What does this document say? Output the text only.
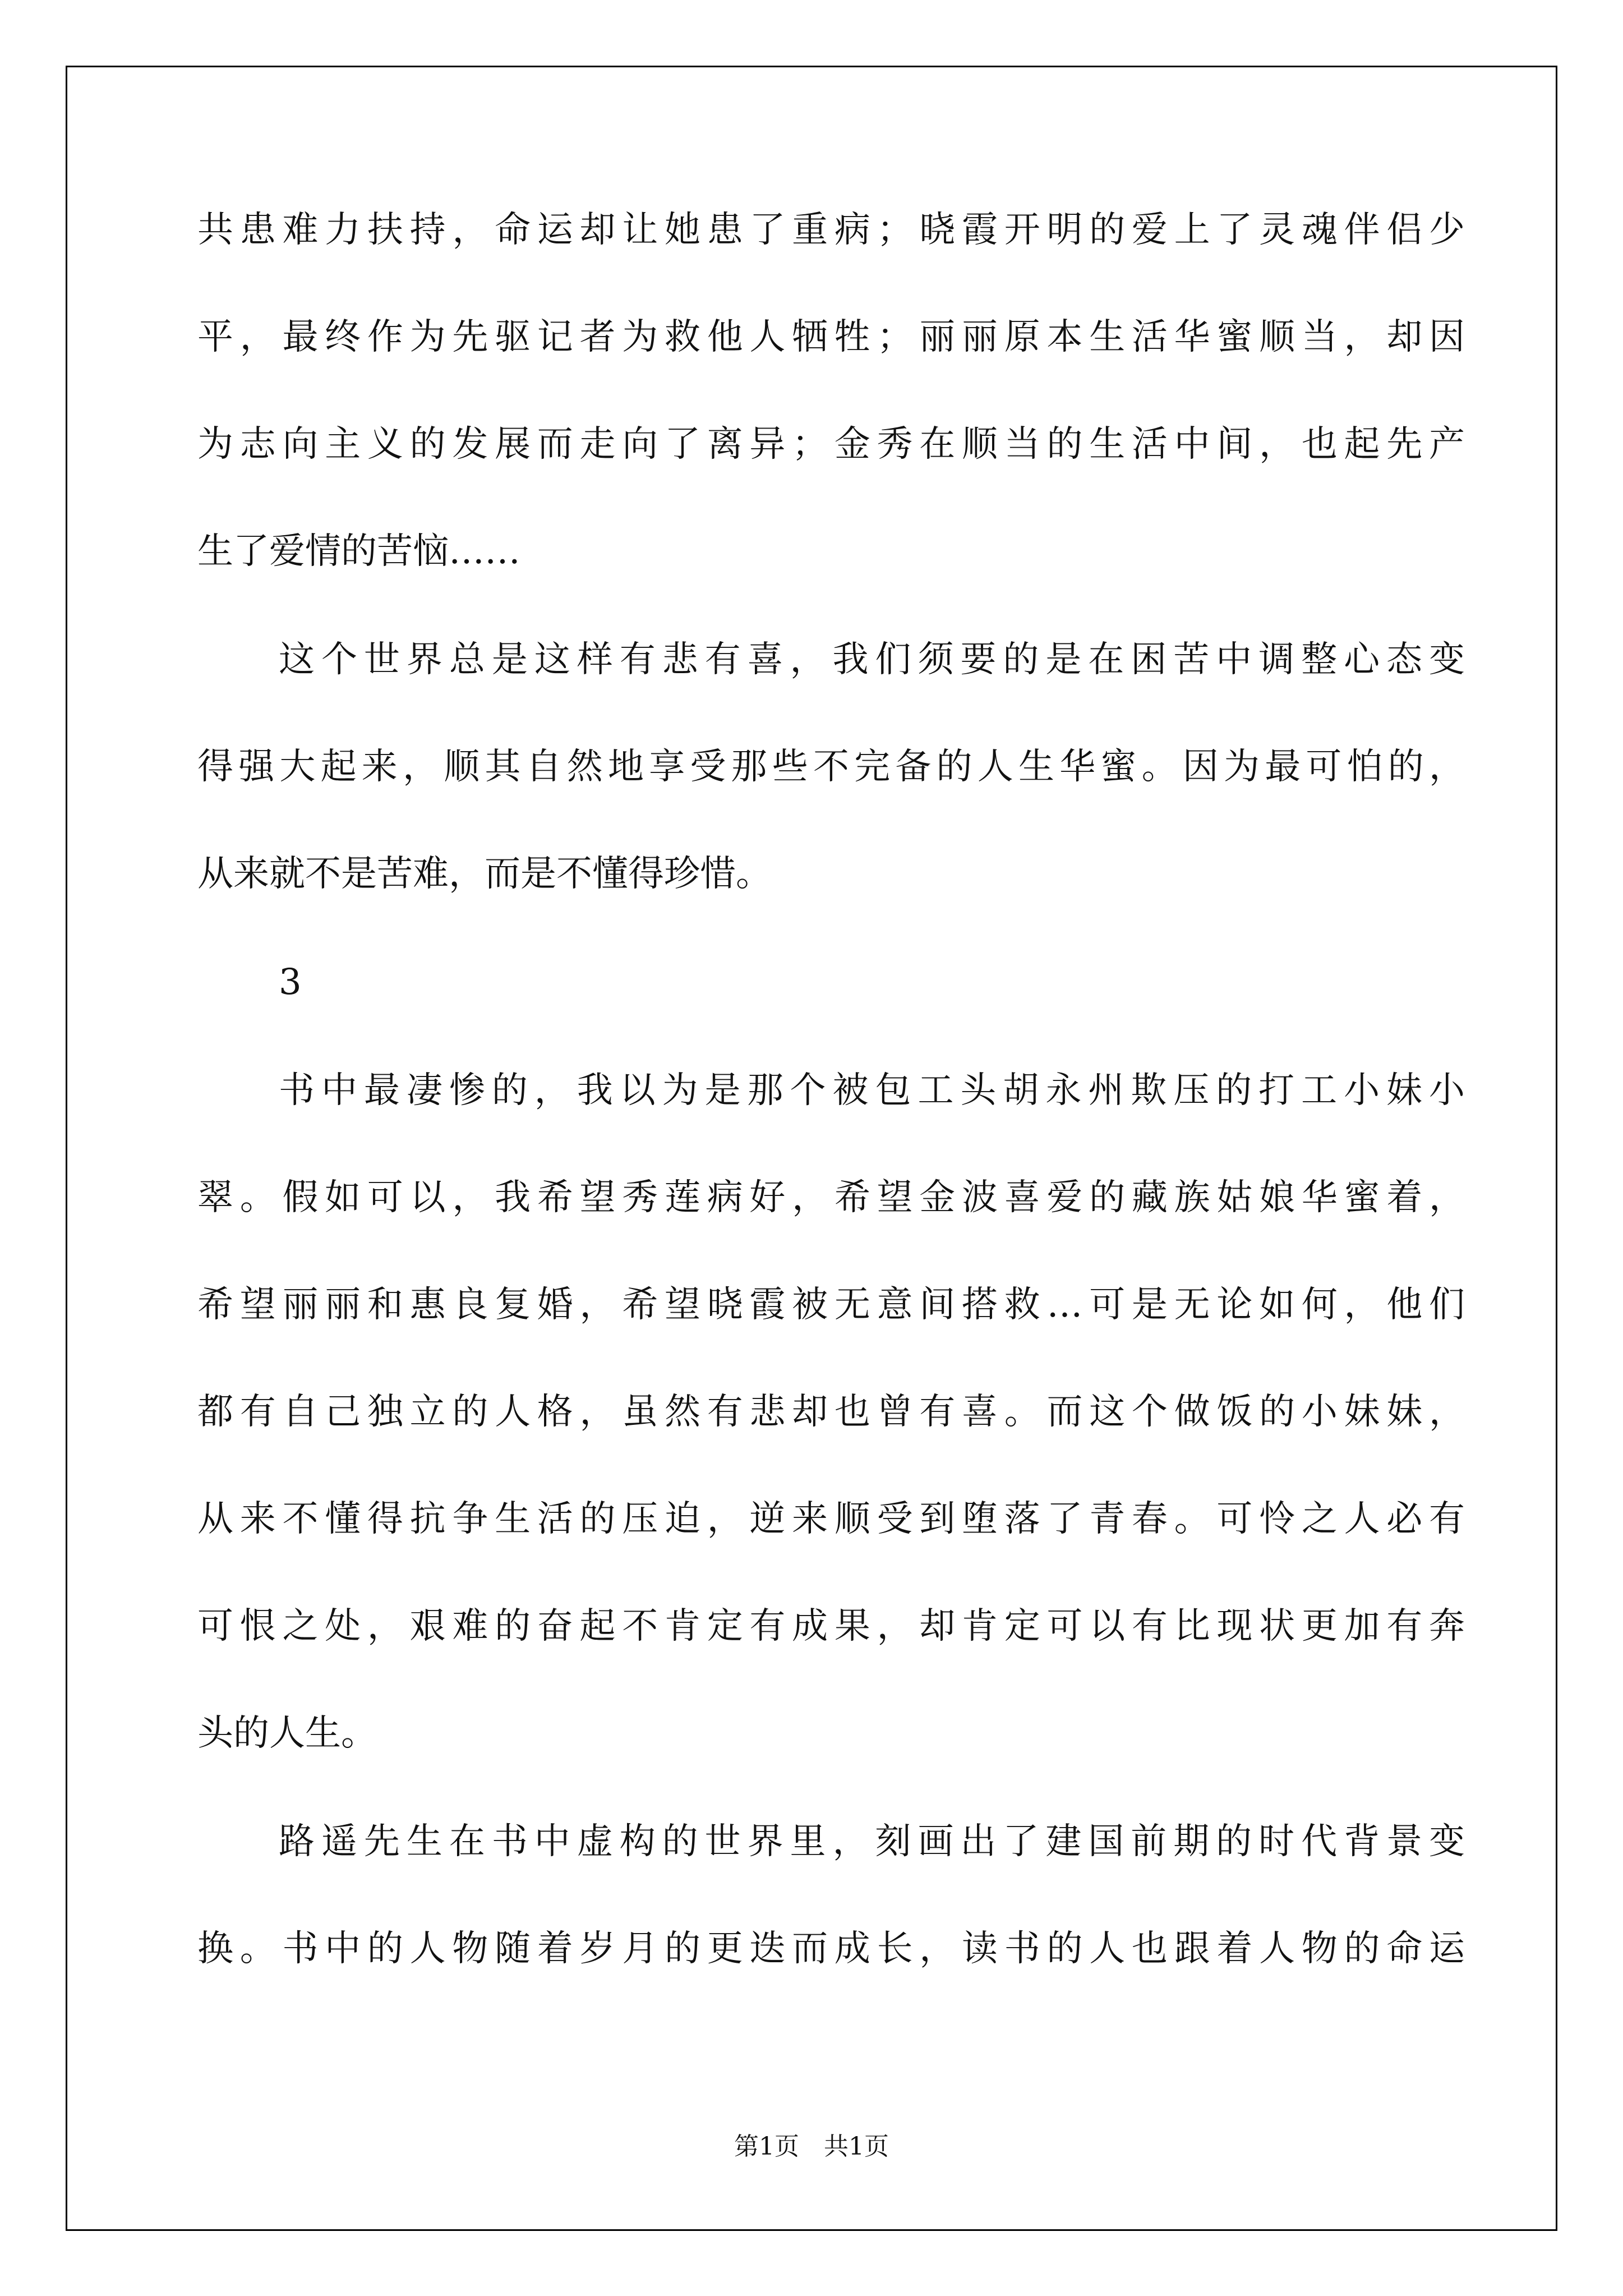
共患难力扶持，命运却让她患了重病；晓霞开明的爱上了灵魂伴侣少
平，最终作为先驱记者为救他人牺牲；丽丽原本生活华蜜顺当，却因
为志向主义的发展而走向了离异；金秀在顺当的生活中间，也起先产
生了爱情的苦恼……
这个世界总是这样有悲有喜，我们须要的是在困苦中调整心态变
得强大起来，顺其自然地享受那些不完备的人生华蜜。因为最可怕的，
从来就不是苦难，而是不懂得珍惜。
3
书中最凄惨的，我以为是那个被包工头胡永州欺压的打工小妹小
翠。假如可以，我希望秀莲病好，希望金波喜爱的藏族姑娘华蜜着，
希望丽丽和惠良复婚，希望晓霞被无意间搭救…可是无论如何，他们
都有自己独立的人格，虽然有悲却也曾有喜。而这个做饭的小妹妹，
从来不懂得抗争生活的压迫，逆来顺受到堕落了青春。可怜之人必有
可恨之处，艰难的奋起不肯定有成果，却肯定可以有比现状更加有奔
头的人生。
路遥先生在书中虚构的世界里，刻画出了建国前期的时代背景变
换。书中的人物随着岁月的更迭而成长，读书的人也跟着人物的命运
第1页　共1页
